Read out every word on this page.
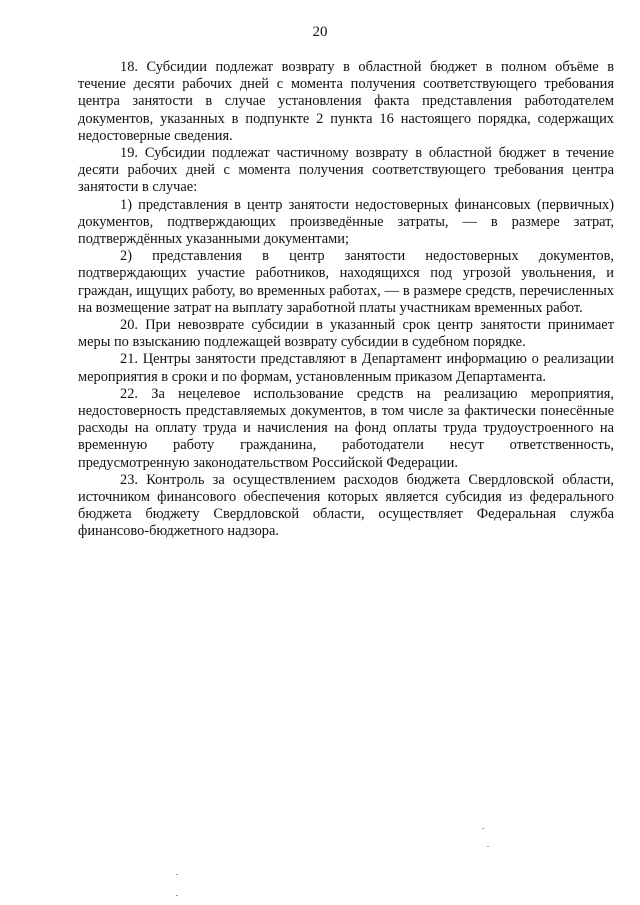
20

18. Субсидии подлежат возврату в областной бюджет в полном объёме в течение десяти рабочих дней с момента получения соответствующего требования центра занятости в случае установления факта представления работодателем документов, указанных в подпункте 2 пункта 16 настоящего порядка, содержащих недостоверные сведения.

19. Субсидии подлежат частичному возврату в областной бюджет в течение десяти рабочих дней с момента получения соответствующего требования центра занятости в случае:

1) представления в центр занятости недостоверных финансовых (первичных) документов, подтверждающих произведённые затраты, — в размере затрат, подтверждённых указанными документами;

2) представления в центр занятости недостоверных документов, подтверждающих участие работников, находящихся под угрозой увольнения, и граждан, ищущих работу, во временных работах, — в размере средств, перечисленных на возмещение затрат на выплату заработной платы участникам временных работ.

20. При невозврате субсидии в указанный срок центр занятости принимает меры по взысканию подлежащей возврату субсидии в судебном порядке.

21. Центры занятости представляют в Департамент информацию о реализации мероприятия в сроки и по формам, установленным приказом Департамента.

22. За нецелевое использование средств на реализацию мероприятия, недостоверность представляемых документов, в том числе за фактически понесённые расходы на оплату труда и начисления на фонд оплаты труда трудоустроенного на временную работу гражданина, работодатели несут ответственность, предусмотренную законодательством Российской Федерации.

23. Контроль за осуществлением расходов бюджета Свердловской области, источником финансового обеспечения которых является субсидия из федерального бюджета бюджету Свердловской области, осуществляет Федеральная служба финансово-бюджетного надзора.
